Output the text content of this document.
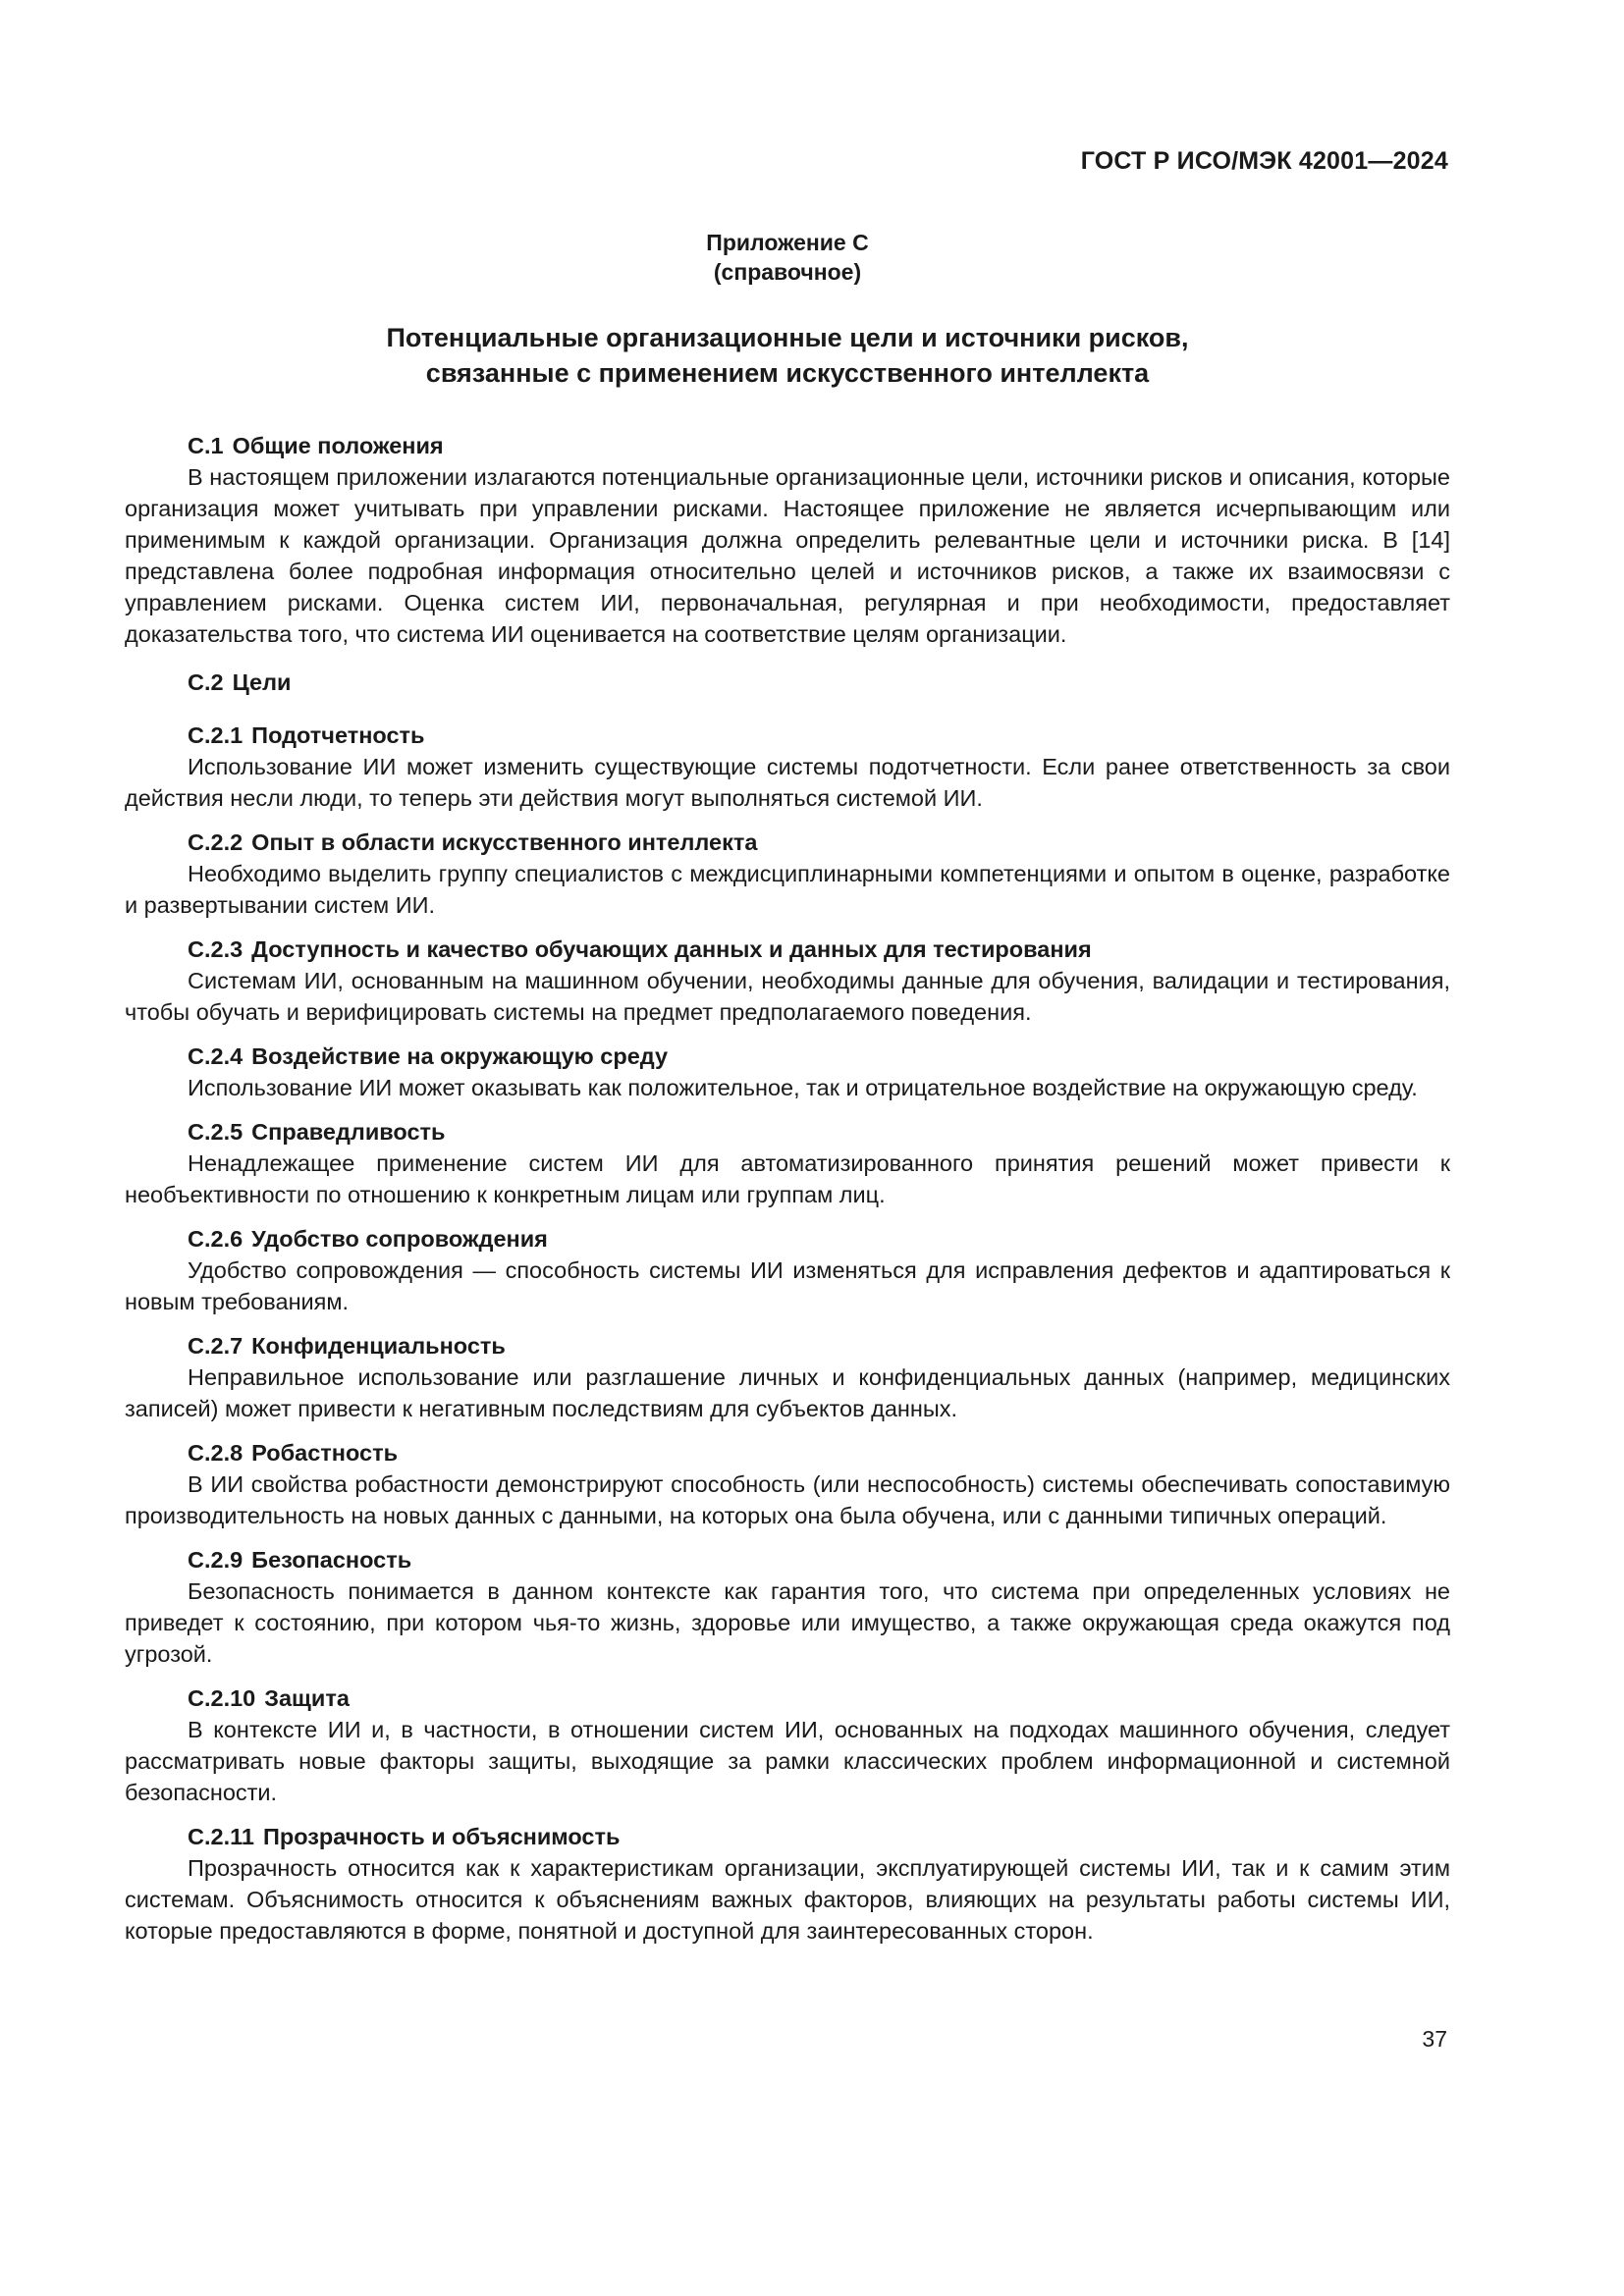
ГОСТ Р ИСО/МЭК 42001—2024
Приложение С
(справочное)
Потенциальные организационные цели и источники рисков,
связанные с применением искусственного интеллекта

С.1 Общие положения

В настоящем приложении излагаются потенциальные организационные цели, источники рисков и описания, которые организация может учитывать при управлении рисками. Настоящее приложение не является исчерпывающим или применимым к каждой организации. Организация должна определить релевантные цели и источники риска. В [14] представлена более подробная информация относительно целей и источников рисков, а также их взаимосвязи с управлением рисками. Оценка систем ИИ, первоначальная, регулярная и при необходимости, предоставляет доказательства того, что система ИИ оценивается на соответствие целям организации.

С.2 Цели

С.2.1 Подотчетность

Использование ИИ может изменить существующие системы подотчетности. Если ранее ответственность за свои действия несли люди, то теперь эти действия могут выполняться системой ИИ.

С.2.2 Опыт в области искусственного интеллекта

Необходимо выделить группу специалистов с междисциплинарными компетенциями и опытом в оценке, разработке и развертывании систем ИИ.

С.2.3 Доступность и качество обучающих данных и данных для тестирования

Системам ИИ, основанным на машинном обучении, необходимы данные для обучения, валидации и тестирования, чтобы обучать и верифицировать системы на предмет предполагаемого поведения.

С.2.4 Воздействие на окружающую среду

Использование ИИ может оказывать как положительное, так и отрицательное воздействие на окружающую среду.

С.2.5 Справедливость

Ненадлежащее применение систем ИИ для автоматизированного принятия решений может привести к необъективности по отношению к конкретным лицам или группам лиц.

С.2.6 Удобство сопровождения

Удобство сопровождения — способность системы ИИ изменяться для исправления дефектов и адаптироваться к новым требованиям.

С.2.7 Конфиденциальность

Неправильное использование или разглашение личных и конфиденциальных данных (например, медицинских записей) может привести к негативным последствиям для субъектов данных.

С.2.8 Робастность

В ИИ свойства робастности демонстрируют способность (или неспособность) системы обеспечивать сопоставимую производительность на новых данных с данными, на которых она была обучена, или с данными типичных операций.

С.2.9 Безопасность

Безопасность понимается в данном контексте как гарантия того, что система при определенных условиях не приведет к состоянию, при котором чья-то жизнь, здоровье или имущество, а также окружающая среда окажутся под угрозой.

С.2.10 Защита

В контексте ИИ и, в частности, в отношении систем ИИ, основанных на подходах машинного обучения, следует рассматривать новые факторы защиты, выходящие за рамки классических проблем информационной и системной безопасности.

С.2.11 Прозрачность и объяснимость

Прозрачность относится как к характеристикам организации, эксплуатирующей системы ИИ, так и к самим этим системам. Объяснимость относится к объяснениям важных факторов, влияющих на результаты работы системы ИИ, которые предоставляются в форме, понятной и доступной для заинтересованных сторон.

37
